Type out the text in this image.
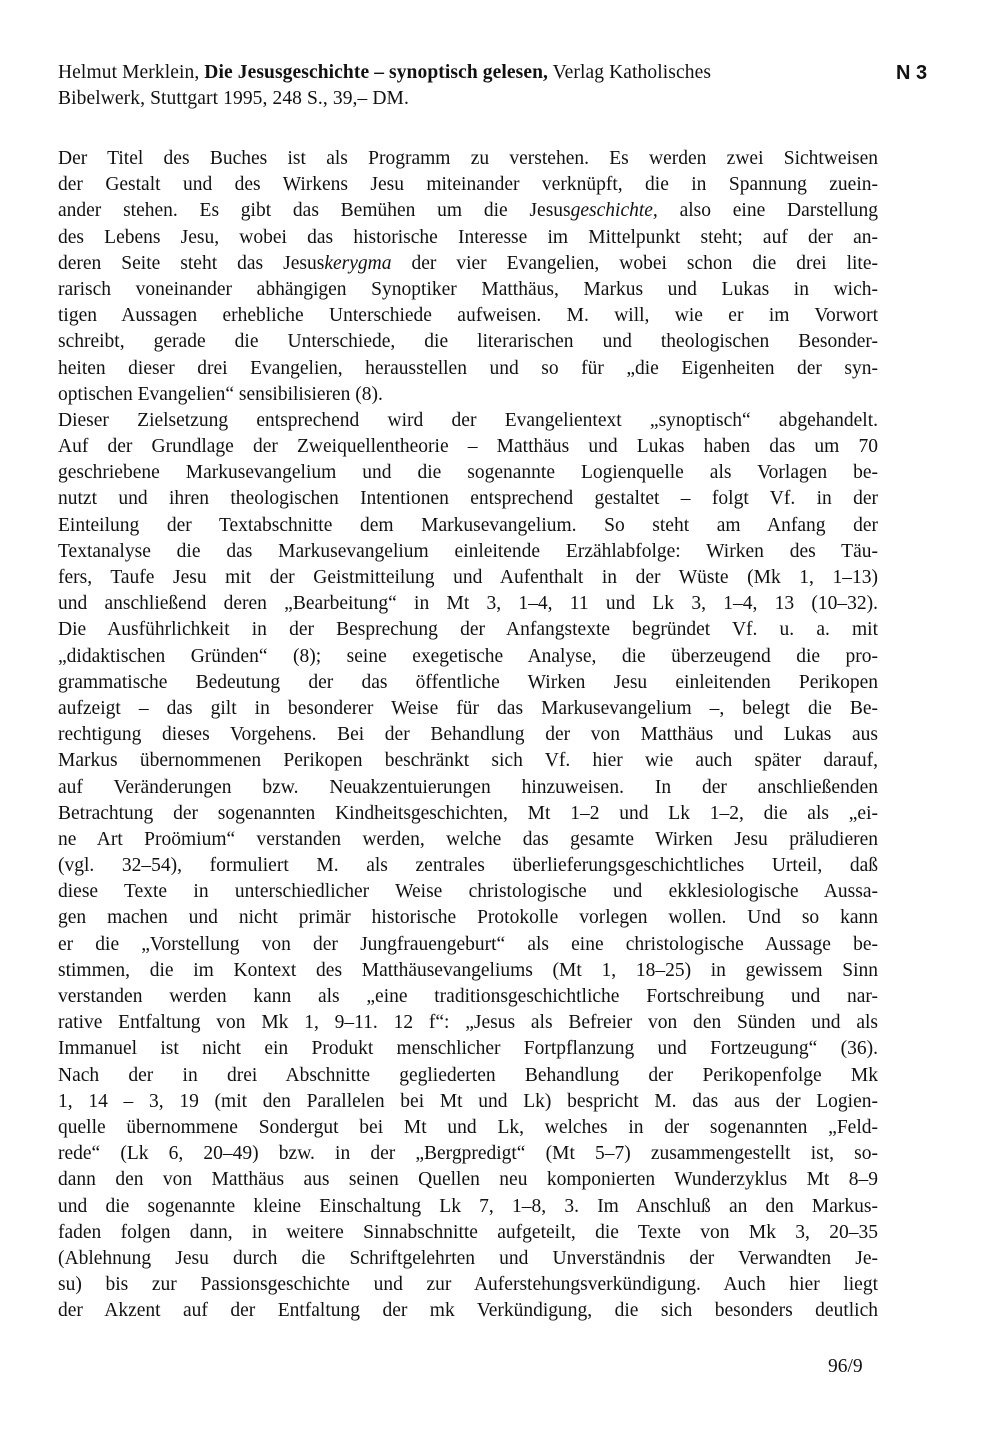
Helmut Merklein, Die Jesusgeschichte – synoptisch gelesen, Verlag Katholisches
Bibelwerk, Stuttgart 1995, 248 S., 39,– DM.
N 3
Der Titel des Buches ist als Programm zu verstehen. Es werden zwei Sichtweisen
der Gestalt und des Wirkens Jesu miteinander verknüpft, die in Spannung zuein-
ander stehen. Es gibt das Bemühen um die Jesusgeschichte, also eine Darstellung
des Lebens Jesu, wobei das historische Interesse im Mittelpunkt steht; auf der an-
deren Seite steht das Jesuskerygma der vier Evangelien, wobei schon die drei lite-
rarisch voneinander abhängigen Synoptiker Matthäus, Markus und Lukas in wich-
tigen Aussagen erhebliche Unterschiede aufweisen. M. will, wie er im Vorwort
schreibt, gerade die Unterschiede, die literarischen und theologischen Besonder-
heiten dieser drei Evangelien, herausstellen und so für „die Eigenheiten der syn-
optischen Evangelien“ sensibilisieren (8).
Dieser Zielsetzung entsprechend wird der Evangelientext „synoptisch“ abgehandelt.
Auf der Grundlage der Zweiquellentheorie – Matthäus und Lukas haben das um 70
geschriebene Markusevangelium und die sogenannte Logienquelle als Vorlagen be-
nutzt und ihren theologischen Intentionen entsprechend gestaltet – folgt Vf. in der
Einteilung der Textabschnitte dem Markusevangelium. So steht am Anfang der
Textanalyse die das Markusevangelium einleitende Erzählabfolge: Wirken des Täu-
fers, Taufe Jesu mit der Geistmitteilung und Aufenthalt in der Wüste (Mk 1, 1–13)
und anschließend deren „Bearbeitung“ in Mt 3, 1–4, 11 und Lk 3, 1–4, 13 (10–32).
Die Ausführlichkeit in der Besprechung der Anfangstexte begründet Vf. u. a. mit
„didaktischen Gründen“ (8); seine exegetische Analyse, die überzeugend die pro-
grammatische Bedeutung der das öffentliche Wirken Jesu einleitenden Perikopen
aufzeigt – das gilt in besonderer Weise für das Markusevangelium –, belegt die Be-
rechtigung dieses Vorgehens. Bei der Behandlung der von Matthäus und Lukas aus
Markus übernommenen Perikopen beschränkt sich Vf. hier wie auch später darauf,
auf Veränderungen bzw. Neuakzentuierungen hinzuweisen. In der anschließenden
Betrachtung der sogenannten Kindheitsgeschichten, Mt 1–2 und Lk 1–2, die als „ei-
ne Art Proömium“ verstanden werden, welche das gesamte Wirken Jesu präludieren
(vgl. 32–54), formuliert M. als zentrales überlieferungsgeschichtliches Urteil, daß
diese Texte in unterschiedlicher Weise christologische und ekklesiologische Aussa-
gen machen und nicht primär historische Protokolle vorlegen wollen. Und so kann
er die „Vorstellung von der Jungfrauengeburt“ als eine christologische Aussage be-
stimmen, die im Kontext des Matthäusevangeliums (Mt 1, 18–25) in gewissem Sinn
verstanden werden kann als „eine traditionsgeschichtliche Fortschreibung und nar-
rative Entfaltung von Mk 1, 9–11. 12 f“: „Jesus als Befreier von den Sünden und als
Immanuel ist nicht ein Produkt menschlicher Fortpflanzung und Fortzeugung“ (36).
Nach der in drei Abschnitte gegliederten Behandlung der Perikopenfolge Mk
1, 14 – 3, 19 (mit den Parallelen bei Mt und Lk) bespricht M. das aus der Logien-
quelle übernommene Sondergut bei Mt und Lk, welches in der sogenannten „Feld-
rede“ (Lk 6, 20–49) bzw. in der „Bergpredigt“ (Mt 5–7) zusammengestellt ist, so-
dann den von Matthäus aus seinen Quellen neu komponierten Wunderzyklus Mt 8–9
und die sogenannte kleine Einschaltung Lk 7, 1–8, 3. Im Anschluß an den Markus-
faden folgen dann, in weitere Sinnabschnitte aufgeteilt, die Texte von Mk 3, 20–35
(Ablehnung Jesu durch die Schriftgelehrten und Unverständnis der Verwandten Je-
su) bis zur Passionsgeschichte und zur Auferstehungsverkündigung. Auch hier liegt
der Akzent auf der Entfaltung der mk Verkündigung, die sich besonders deutlich
96/9
